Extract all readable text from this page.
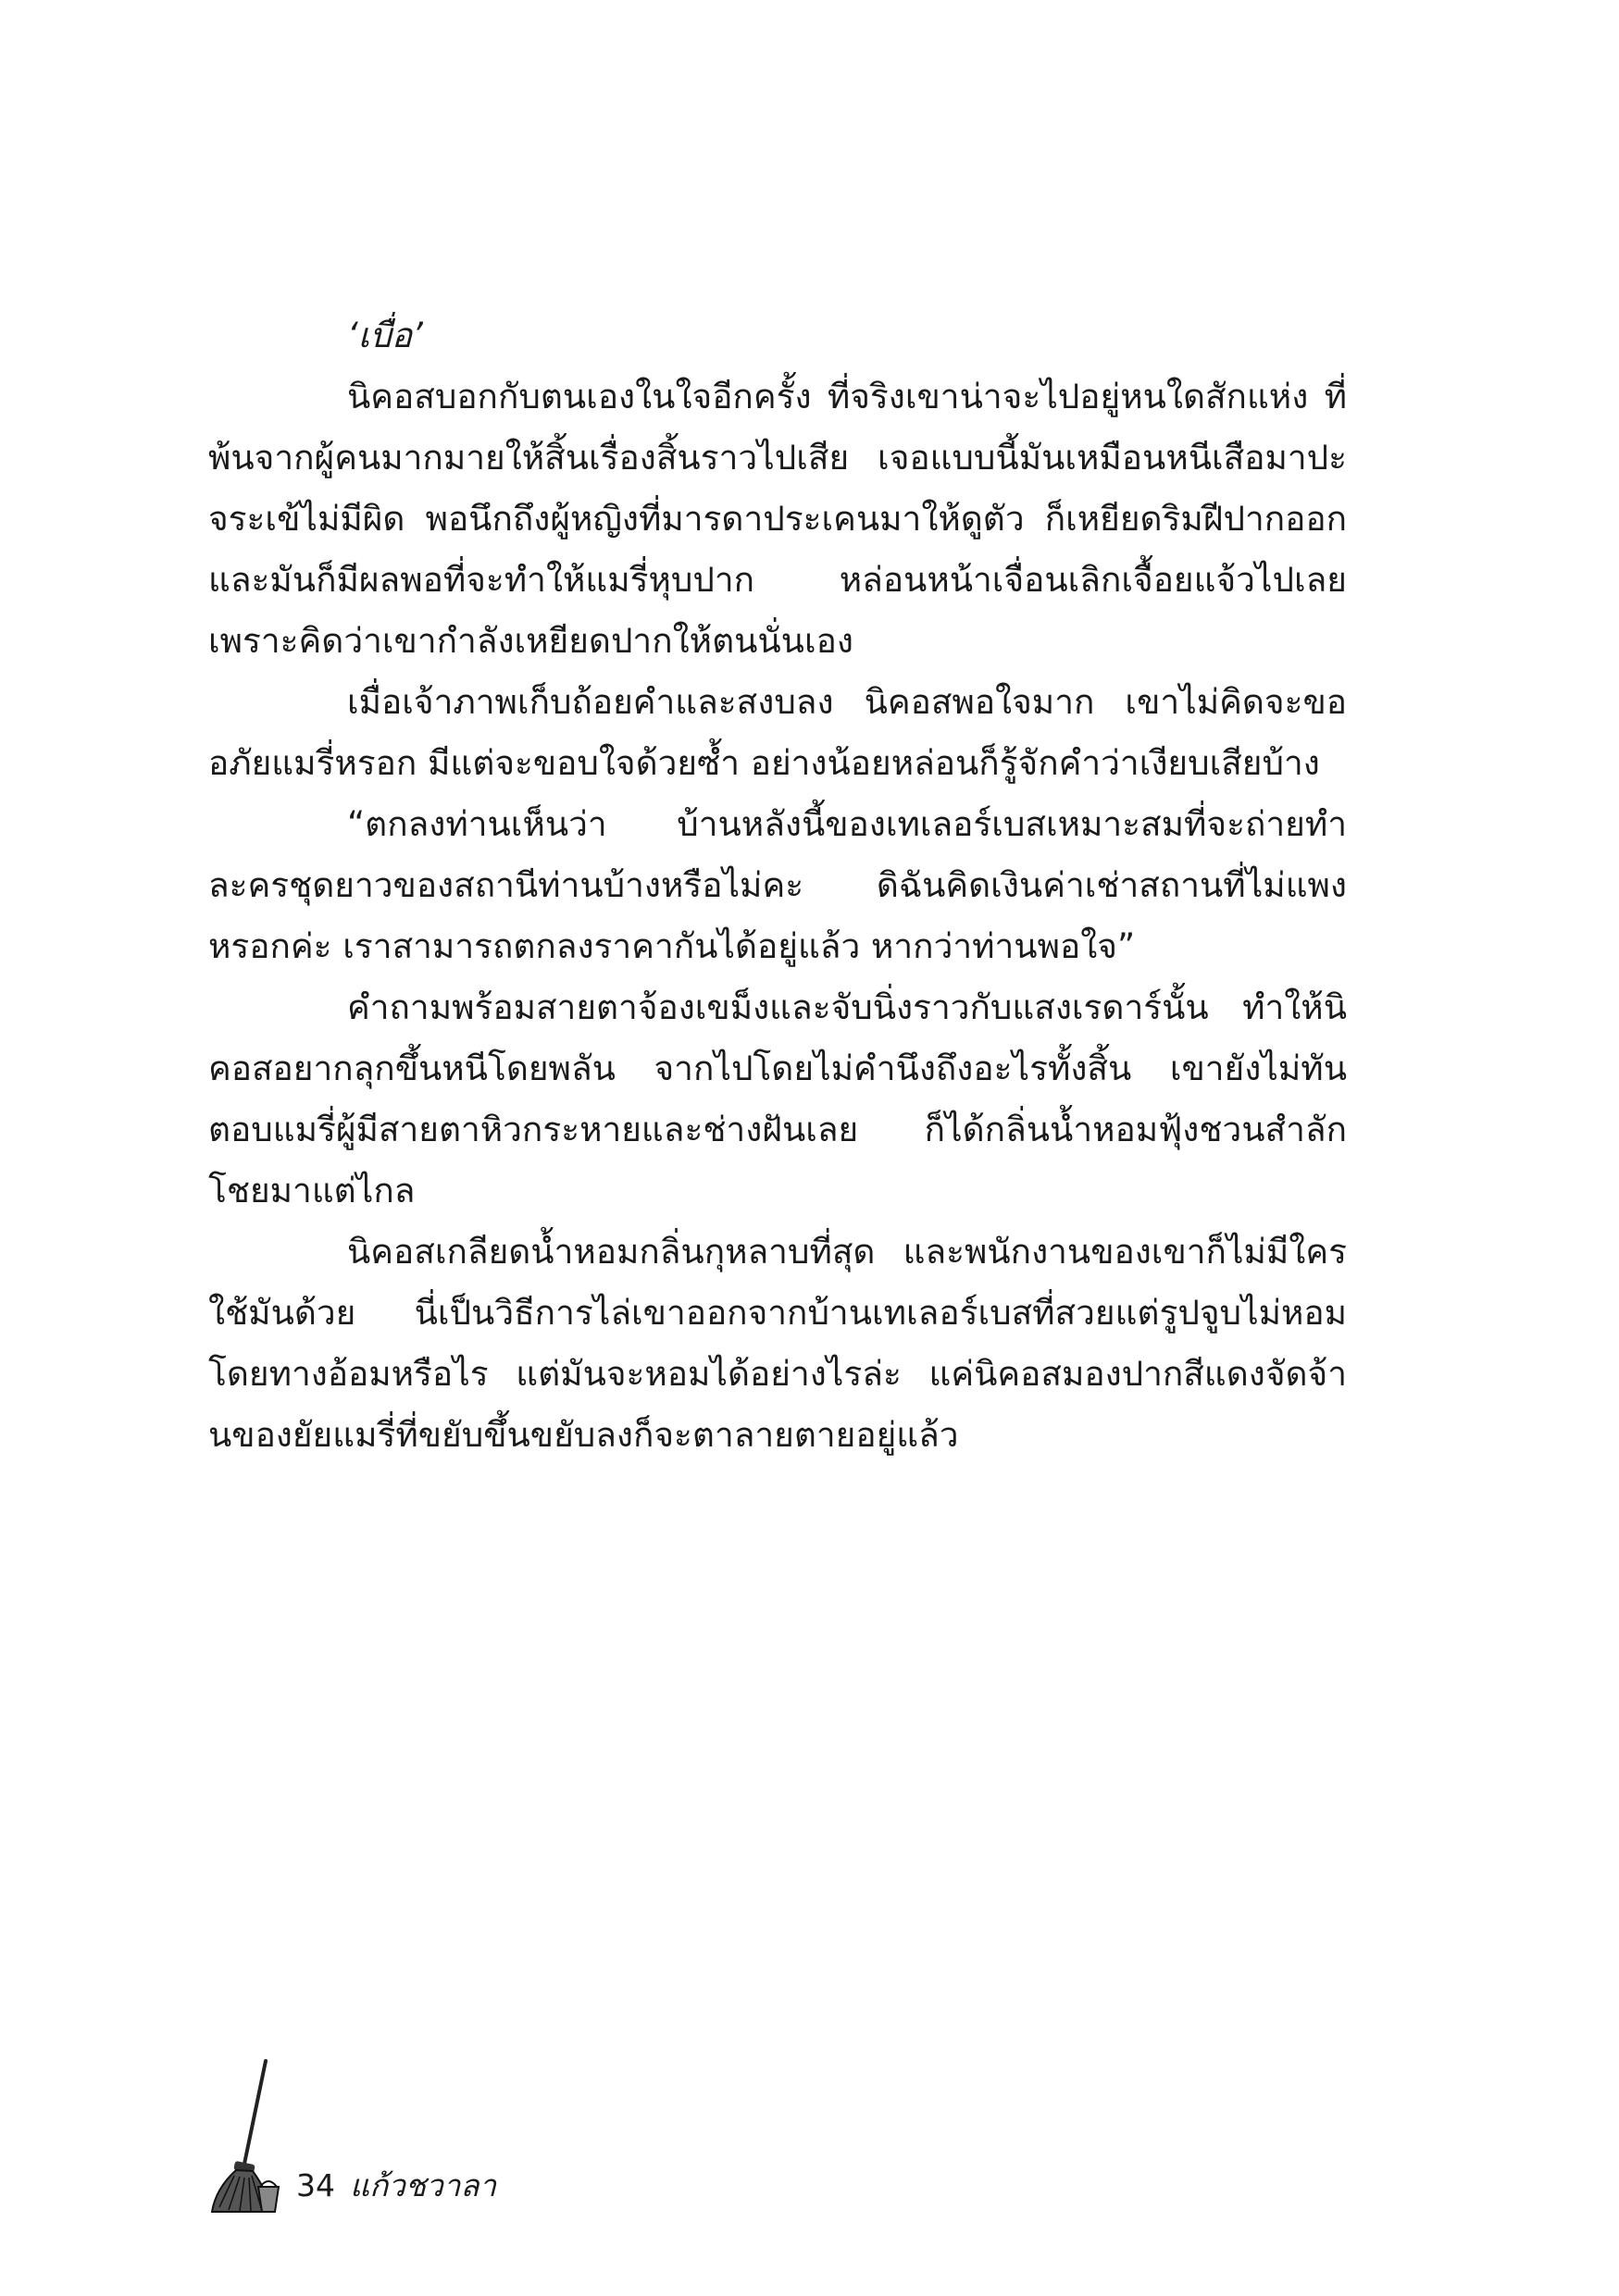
‘เบื่อ’

นิคอสบอกกับตนเองในใจอีกครั้ง ที่จริงเขาน่าจะไปอยู่หนใดสักแห่ง ที่พ้นจากผู้คนมากมายให้สิ้นเรื่องสิ้นราวไปเสีย เจอแบบนี้มันเหมือนหนีเสือมาปะจระเข้ไม่มีผิด พอนึกถึงผู้หญิงที่มารดาประเคนมาให้ดูตัว ก็เหยียดริมฝีปากออก และมันก็มีผลพอที่จะทำให้แมรี่หุบปาก หล่อนหน้าเจื่อนเลิกเจื้อยแจ้วไปเลย เพราะคิดว่าเขากำลังเหยียดปากให้ตนนั่นเอง

เมื่อเจ้าภาพเก็บถ้อยคำและสงบลง นิคอสพอใจมาก เขาไม่คิดจะขออภัยแมรี่หรอก มีแต่จะขอบใจด้วยซ้ำ อย่างน้อยหล่อนก็รู้จักคำว่าเงียบเสียบ้าง

“ตกลงท่านเห็นว่า บ้านหลังนี้ของเทเลอร์เบสเหมาะสมที่จะถ่ายทำละครชุดยาวของสถานีท่านบ้างหรือไม่คะ ดิฉันคิดเงินค่าเช่าสถานที่ไม่แพงหรอกค่ะ เราสามารถตกลงราคากันได้อยู่แล้ว หากว่าท่านพอใจ”

คำถามพร้อมสายตาจ้องเขม็งและจับนิ่งราวกับแสงเรดาร์นั้น ทำให้นิคอสอยากลุกขึ้นหนีโดยพลัน จากไปโดยไม่คำนึงถึงอะไรทั้งสิ้น เขายังไม่ทันตอบแมรี่ผู้มีสายตาหิวกระหายและช่างฝันเลย ก็ได้กลิ่นน้ำหอมฟุ้งชวนสำลักโชยมาแต่ไกล

นิคอสเกลียดน้ำหอมกลิ่นกุหลาบที่สุด และพนักงานของเขาก็ไม่มีใครใช้มันด้วย นี่เป็นวิธีการไล่เขาออกจากบ้านเทเลอร์เบสที่สวยแต่รูปจูบไม่หอมโดยทางอ้อมหรือไร แต่มันจะหอมได้อย่างไรล่ะ แค่นิคอสมองปากสีแดงจัดจ้านของยัยแมรี่ที่ขยับขึ้นขยับลงก็จะตาลายตายอยู่แล้ว

34 แก้วชวาลา
